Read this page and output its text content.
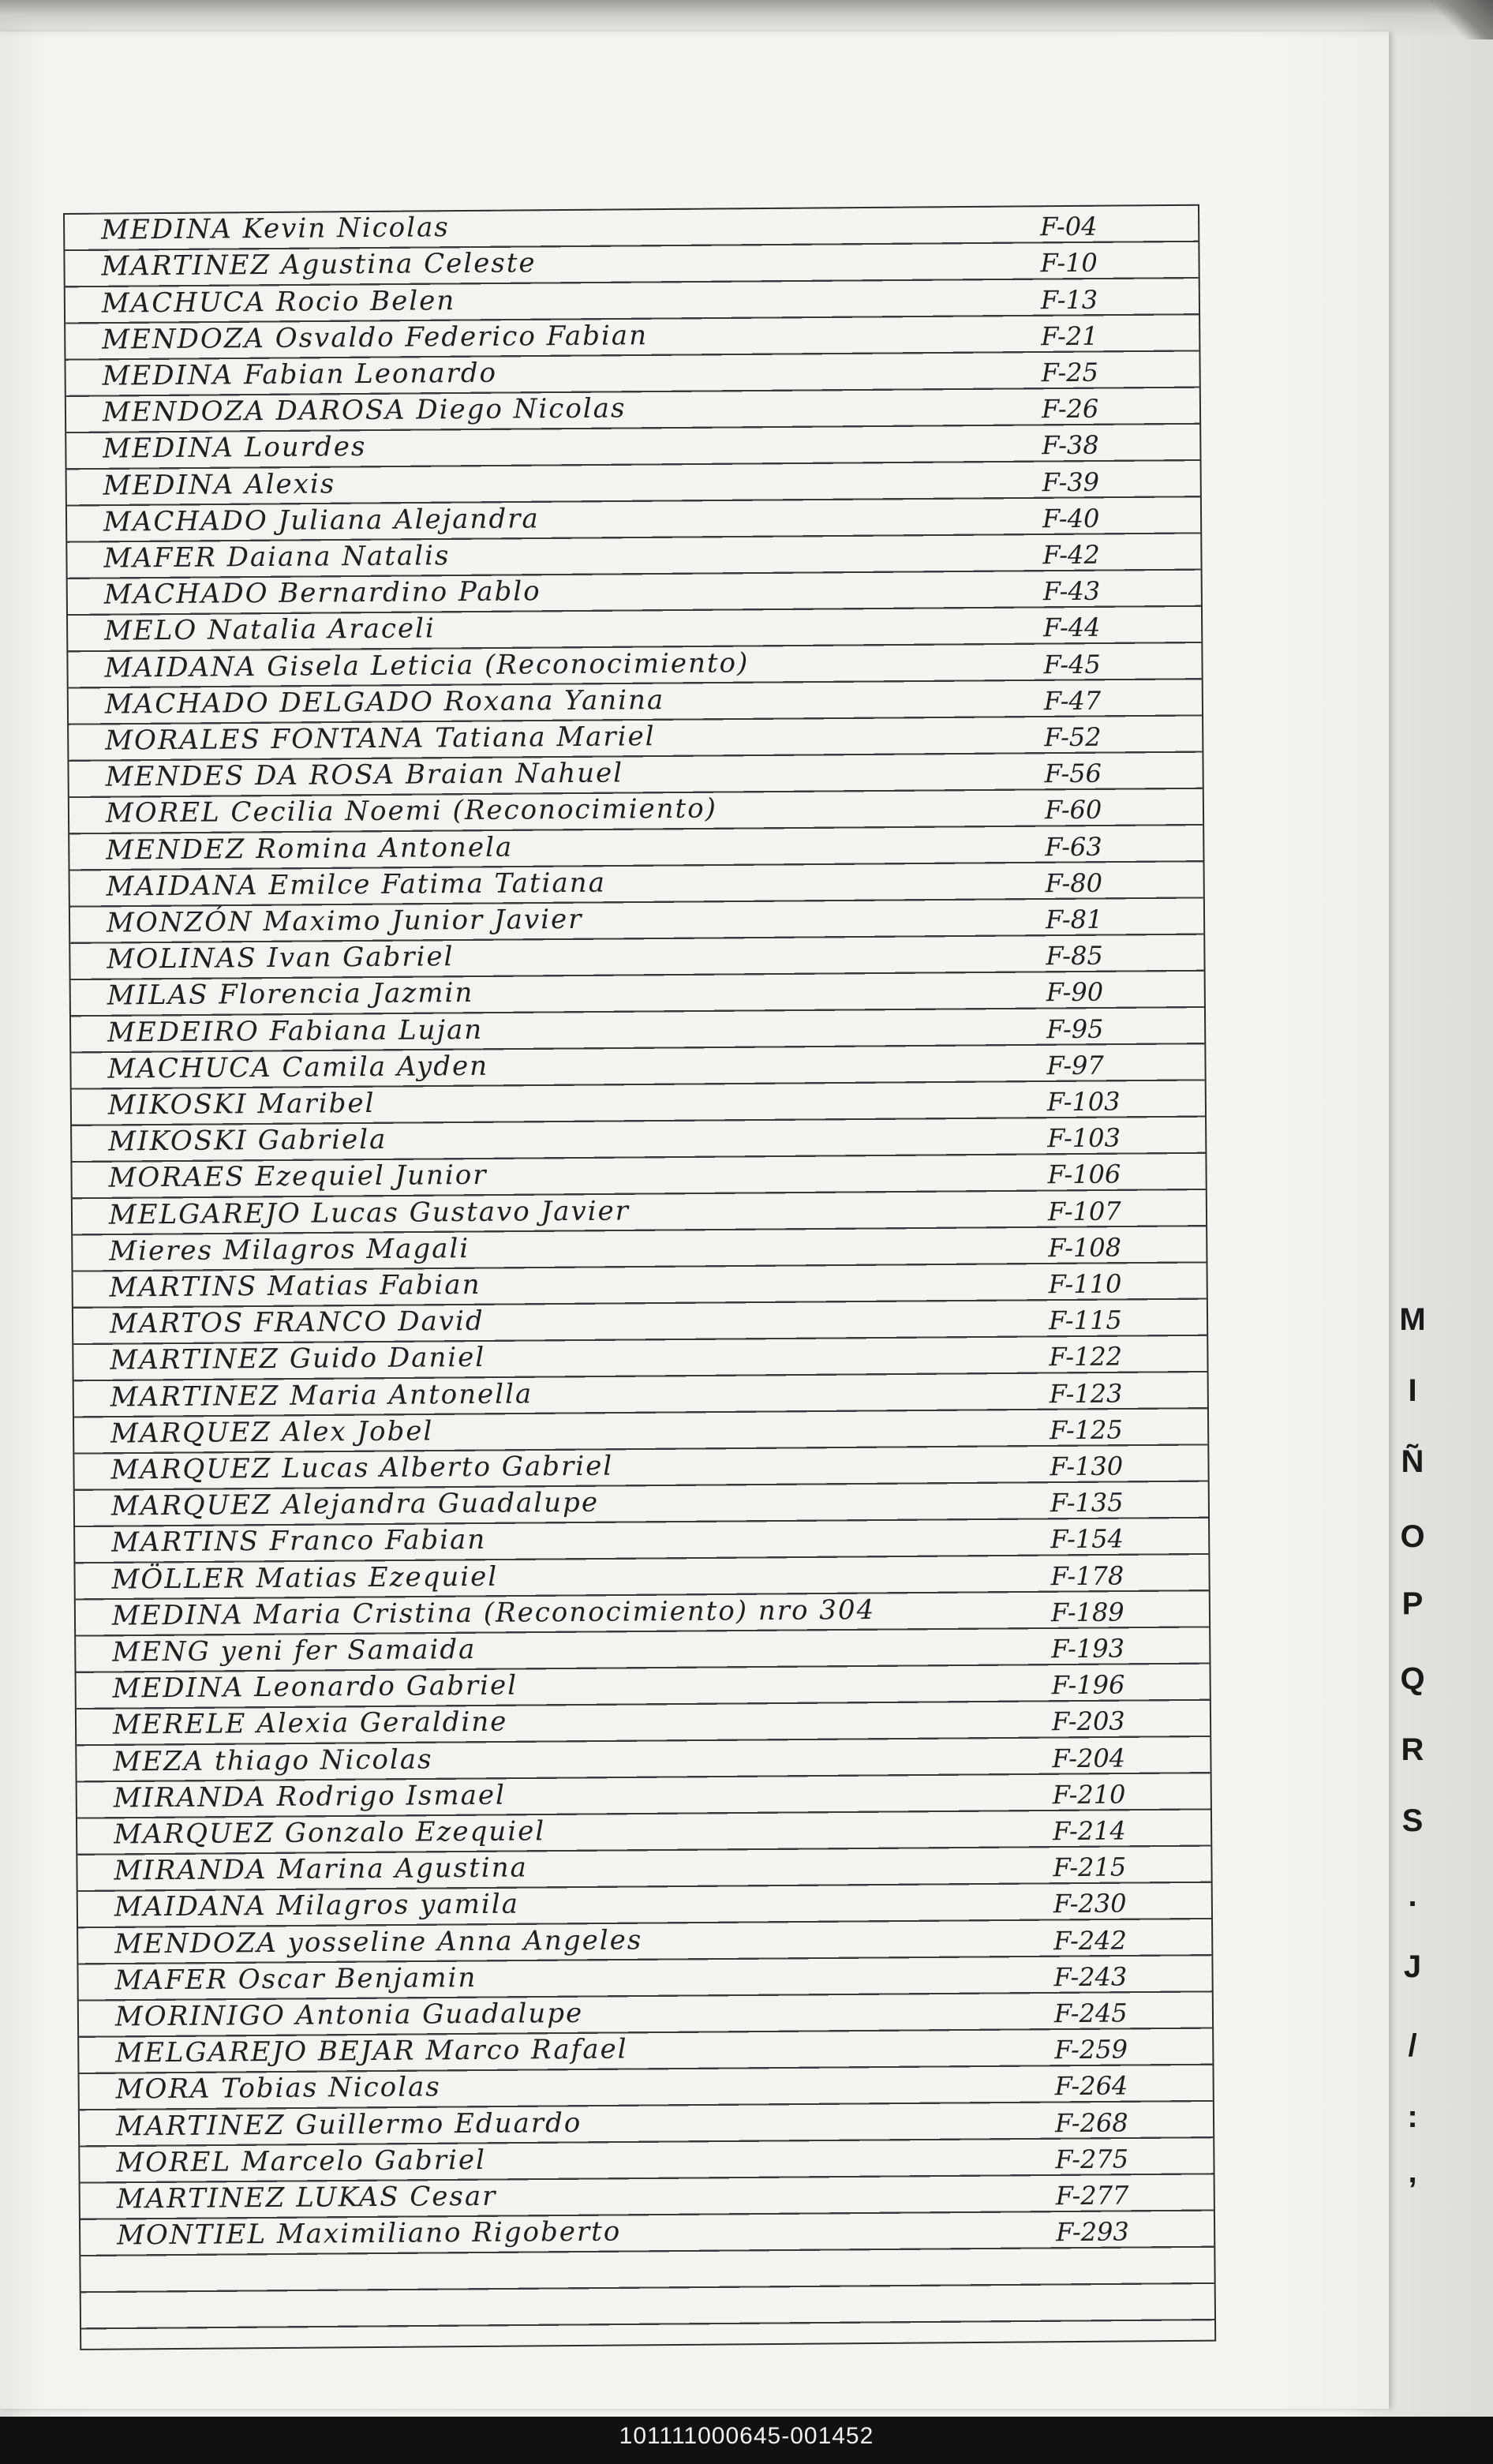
MEDINA Kevin Nicolas	F-04
MARTINEZ Agustina Celeste	F-10
MACHUCA Rocio Belen	F-13
MENDOZA Osvaldo Federico Fabian	F-21
MEDINA Fabian Leonardo	F-25
MENDOZA DAROSA Diego Nicolas	F-26
MEDINA Lourdes	F-38
MEDINA Alexis	F-39
MACHADO Juliana Alejandra	F-40
MAFER Daiana Natalis	F-42
MACHADO Bernardino Pablo	F-43
MELO Natalia Araceli	F-44
MAIDANA Gisela Leticia (Reconocimiento)	F-45
MACHADO DELGADO Roxana Yanina	F-47
MORALES FONTANA Tatiana Mariel	F-52
MENDES DA ROSA Braian Nahuel	F-56
MOREL Cecilia Noemi (Reconocimiento)	F-60
MENDEZ Romina Antonela	F-63
MAIDANA Emilce Fatima Tatiana	F-80
MONZÓN Maximo Junior Javier	F-81
MOLINAS Ivan Gabriel	F-85
MILAS Florencia Jazmin	F-90
MEDEIRO Fabiana Lujan	F-95
MACHUCA Camila Ayden	F-97
MIKOSKI Maribel	F-103
MIKOSKI Gabriela	F-103
MORAES Ezequiel Junior	F-106
MELGAREJO Lucas Gustavo Javier	F-107
Mieres Milagros Magali	F-108
MARTINS Matias Fabian	F-110
MARTOS FRANCO David	F-115
MARTINEZ Guido Daniel	F-122
MARTINEZ Maria Antonella	F-123
MARQUEZ Alex Jobel	F-125
MARQUEZ Lucas Alberto Gabriel	F-130
MARQUEZ Alejandra Guadalupe	F-135
MARTINS Franco Fabian	F-154
MÖLLER Matias Ezequiel	F-178
MEDINA Maria Cristina (Reconocimiento) nro 304	F-189
MENG yeni fer Samaida	F-193
MEDINA Leonardo Gabriel	F-196
MERELE Alexia Geraldine	F-203
MEZA thiago Nicolas	F-204
MIRANDA Rodrigo Ismael	F-210
MARQUEZ Gonzalo Ezequiel	F-214
MIRANDA Marina Agustina	F-215
MAIDANA Milagros yamila	F-230
MENDOZA yosseline Anna Angeles	F-242
MAFER Oscar Benjamin	F-243
MORINIGO Antonia Guadalupe	F-245
MELGAREJO BEJAR Marco Rafael	F-259
MORA Tobias Nicolas	F-264
MARTINEZ Guillermo Eduardo	F-268
MOREL Marcelo Gabriel	F-275
MARTINEZ LUKAS Cesar	F-277
MONTIEL Maximiliano Rigoberto	F-293
M
I
Ñ
O
P
Q
R
S
.
J
/
:
,
101111000645-001452
